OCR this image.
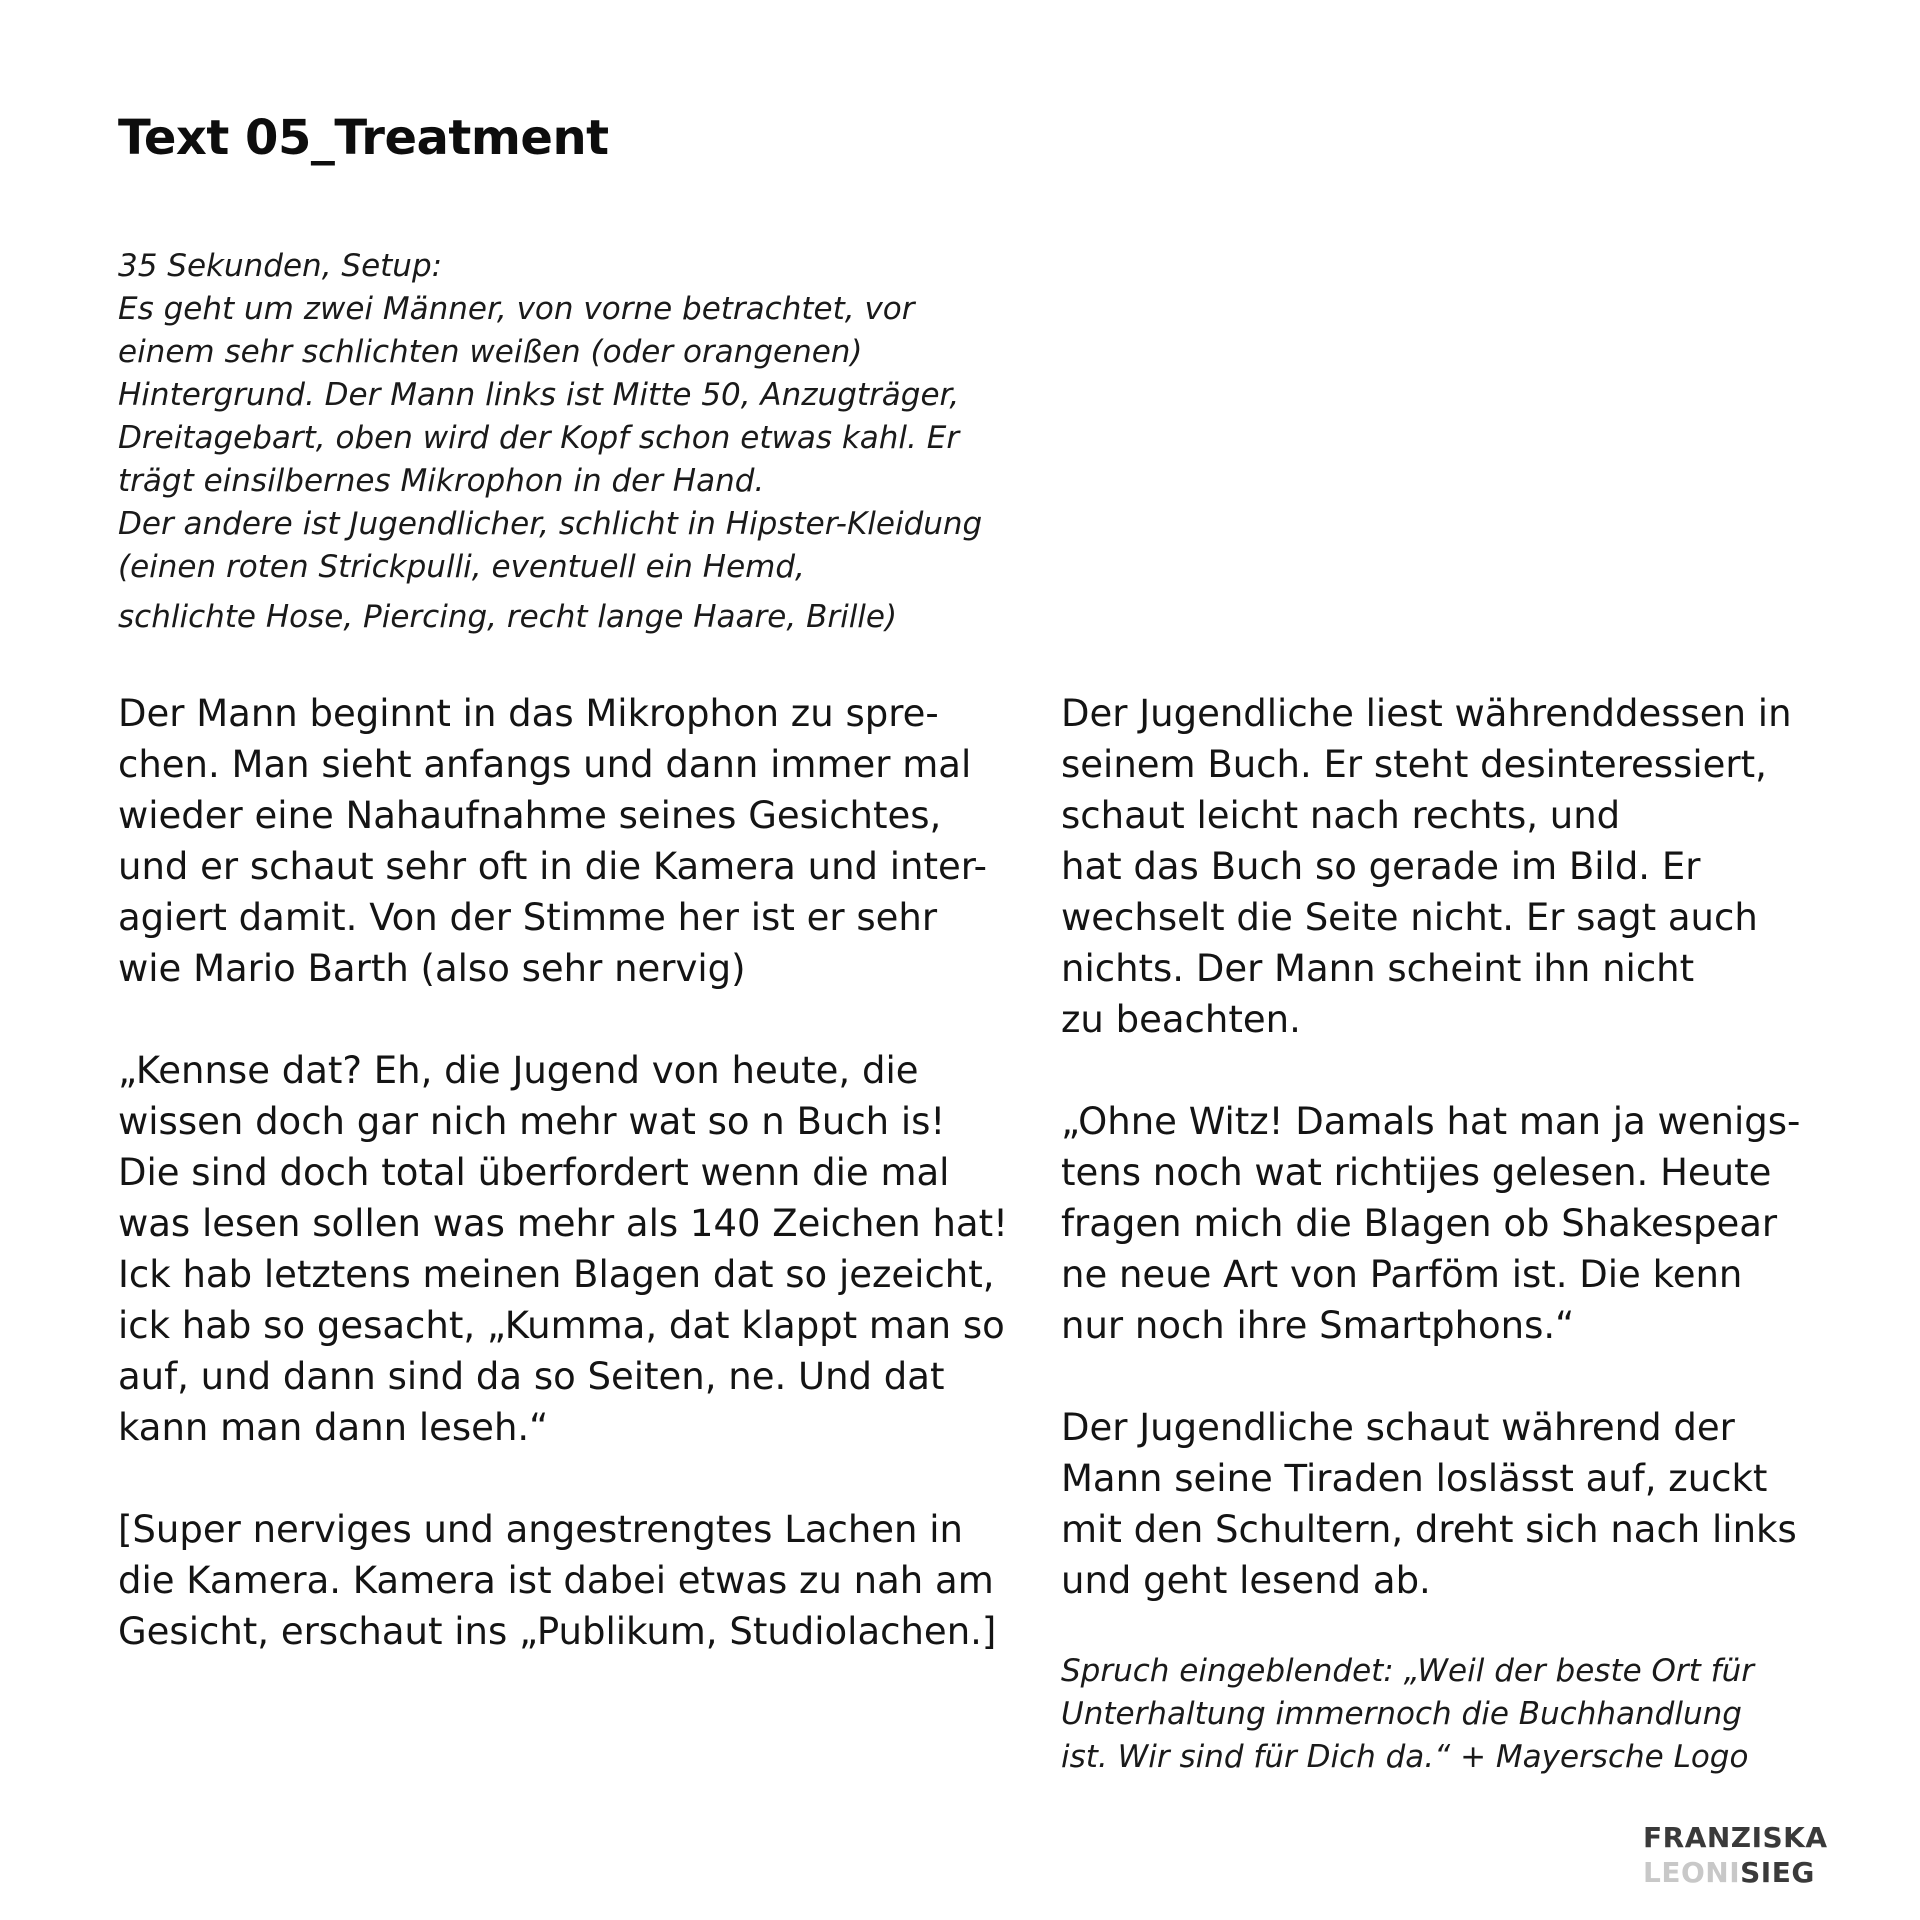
Text 05_Treatment
35 Sekunden, Setup:
Es geht um zwei Männer, von vorne betrachtet, vor
einem sehr schlichten weißen (oder orangenen)
Hintergrund. Der Mann links ist Mitte 50, Anzugträger,
Dreitagebart, oben wird der Kopf schon etwas kahl. Er
trägt einsilbernes Mikrophon in der Hand.
Der andere ist Jugendlicher, schlicht in Hipster-Kleidung
(einen roten Strickpulli, eventuell ein Hemd,
schlichte Hose, Piercing, recht lange Haare, Brille)

Der Mann beginnt in das Mikrophon zu spre-
chen. Man sieht anfangs und dann immer mal
wieder eine Nahaufnahme seines Gesichtes,
und er schaut sehr oft in die Kamera und inter-
agiert damit. Von der Stimme her ist er sehr
wie Mario Barth (also sehr nervig)

„Kennse dat? Eh, die Jugend von heute, die
wissen doch gar nich mehr wat so n Buch is!
Die sind doch total überfordert wenn die mal
was lesen sollen was mehr als 140 Zeichen hat!
Ick hab letztens meinen Blagen dat so jezeicht,
ick hab so gesacht, „Kumma, dat klappt man so
auf, und dann sind da so Seiten, ne. Und dat
kann man dann leseh.“

[Super nerviges und angestrengtes Lachen in
die Kamera. Kamera ist dabei etwas zu nah am
Gesicht, erschaut ins „Publikum, Studiolachen.]

Der Jugendliche liest währenddessen in
seinem Buch. Er steht desinteressiert,
schaut leicht nach rechts, und
hat das Buch so gerade im Bild. Er
wechselt die Seite nicht. Er sagt auch
nichts. Der Mann scheint ihn nicht
zu beachten.

„Ohne Witz! Damals hat man ja wenigs-
tens noch wat richtijes gelesen. Heute
fragen mich die Blagen ob Shakespear
ne neue Art von Parföm ist. Die kenn
nur noch ihre Smartphons.“

Der Jugendliche schaut während der
Mann seine Tiraden loslässt auf, zuckt
mit den Schultern, dreht sich nach links
und geht lesend ab.

Spruch eingeblendet: „Weil der beste Ort für
Unterhaltung immernoch die Buchhandlung
ist. Wir sind für Dich da.“ + Mayersche Logo
FRANZISKA
LEONISIEG
